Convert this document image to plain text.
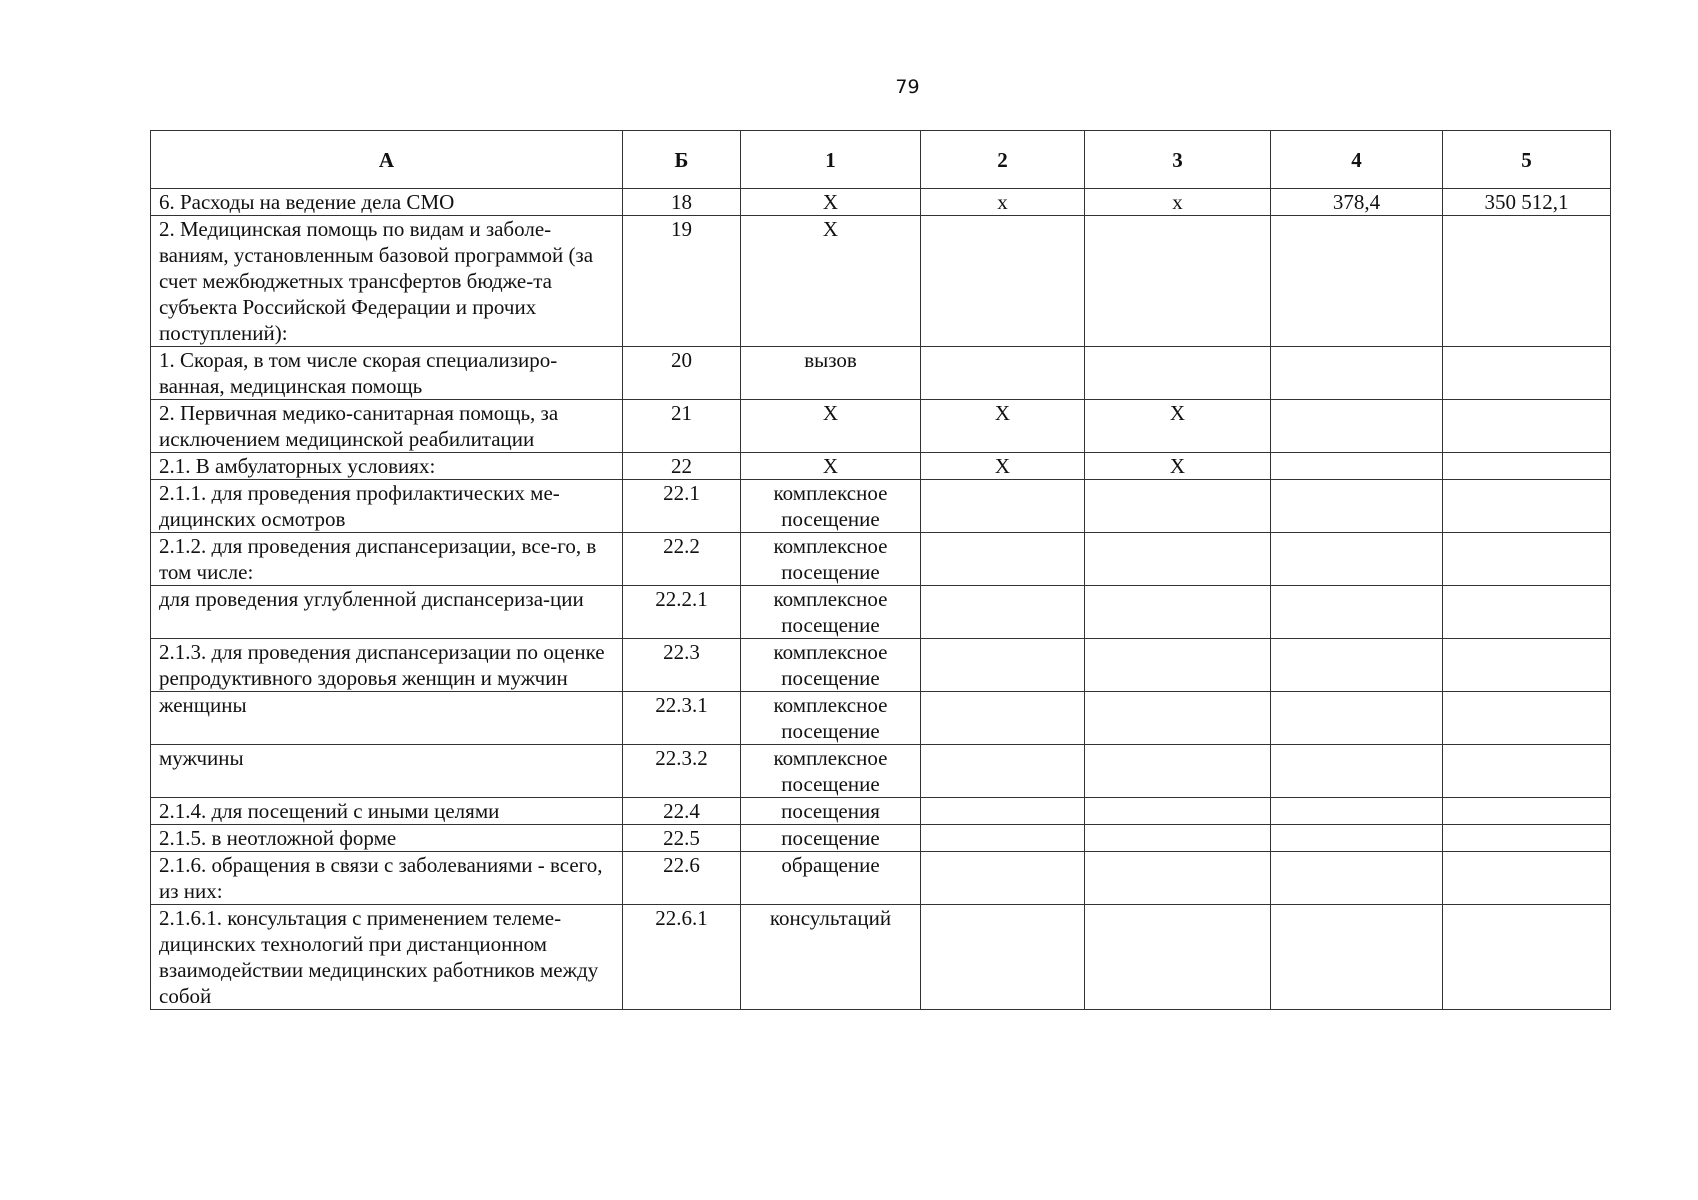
79
А	Б	1	2	3	4	5
6. Расходы на ведение дела СМО	18	Х	х	х	378,4	350 512,1
2. Медицинская помощь по видам и заболе-ваниям, установленным базовой программой (за счет межбюджетных трансфертов бюдже-та субъекта Российской Федерации и прочих поступлений):	19	Х				
1. Скорая, в том числе скорая специализиро-ванная, медицинская помощь	20	вызов				
2. Первичная медико-санитарная помощь, за исключением медицинской реабилитации	21	Х	Х	Х		
2.1. В амбулаторных условиях:	22	Х	Х	Х		
2.1.1. для проведения профилактических ме-дицинских осмотров	22.1	комплексное посещение				
2.1.2. для проведения диспансеризации, все-го, в том числе:	22.2	комплексное посещение				
для проведения углубленной диспансериза-ции	22.2.1	комплексное посещение				
2.1.3. для проведения диспансеризации по оценке репродуктивного здоровья женщин и мужчин	22.3	комплексное посещение				
женщины	22.3.1	комплексное посещение				
мужчины	22.3.2	комплексное посещение				
2.1.4. для посещений с иными целями	22.4	посещения				
2.1.5. в неотложной форме	22.5	посещение				
2.1.6. обращения в связи с заболеваниями - всего, из них:	22.6	обращение				
2.1.6.1. консультация с применением телеме-дицинских технологий при дистанционном взаимодействии медицинских работников между собой	22.6.1	консультаций				
